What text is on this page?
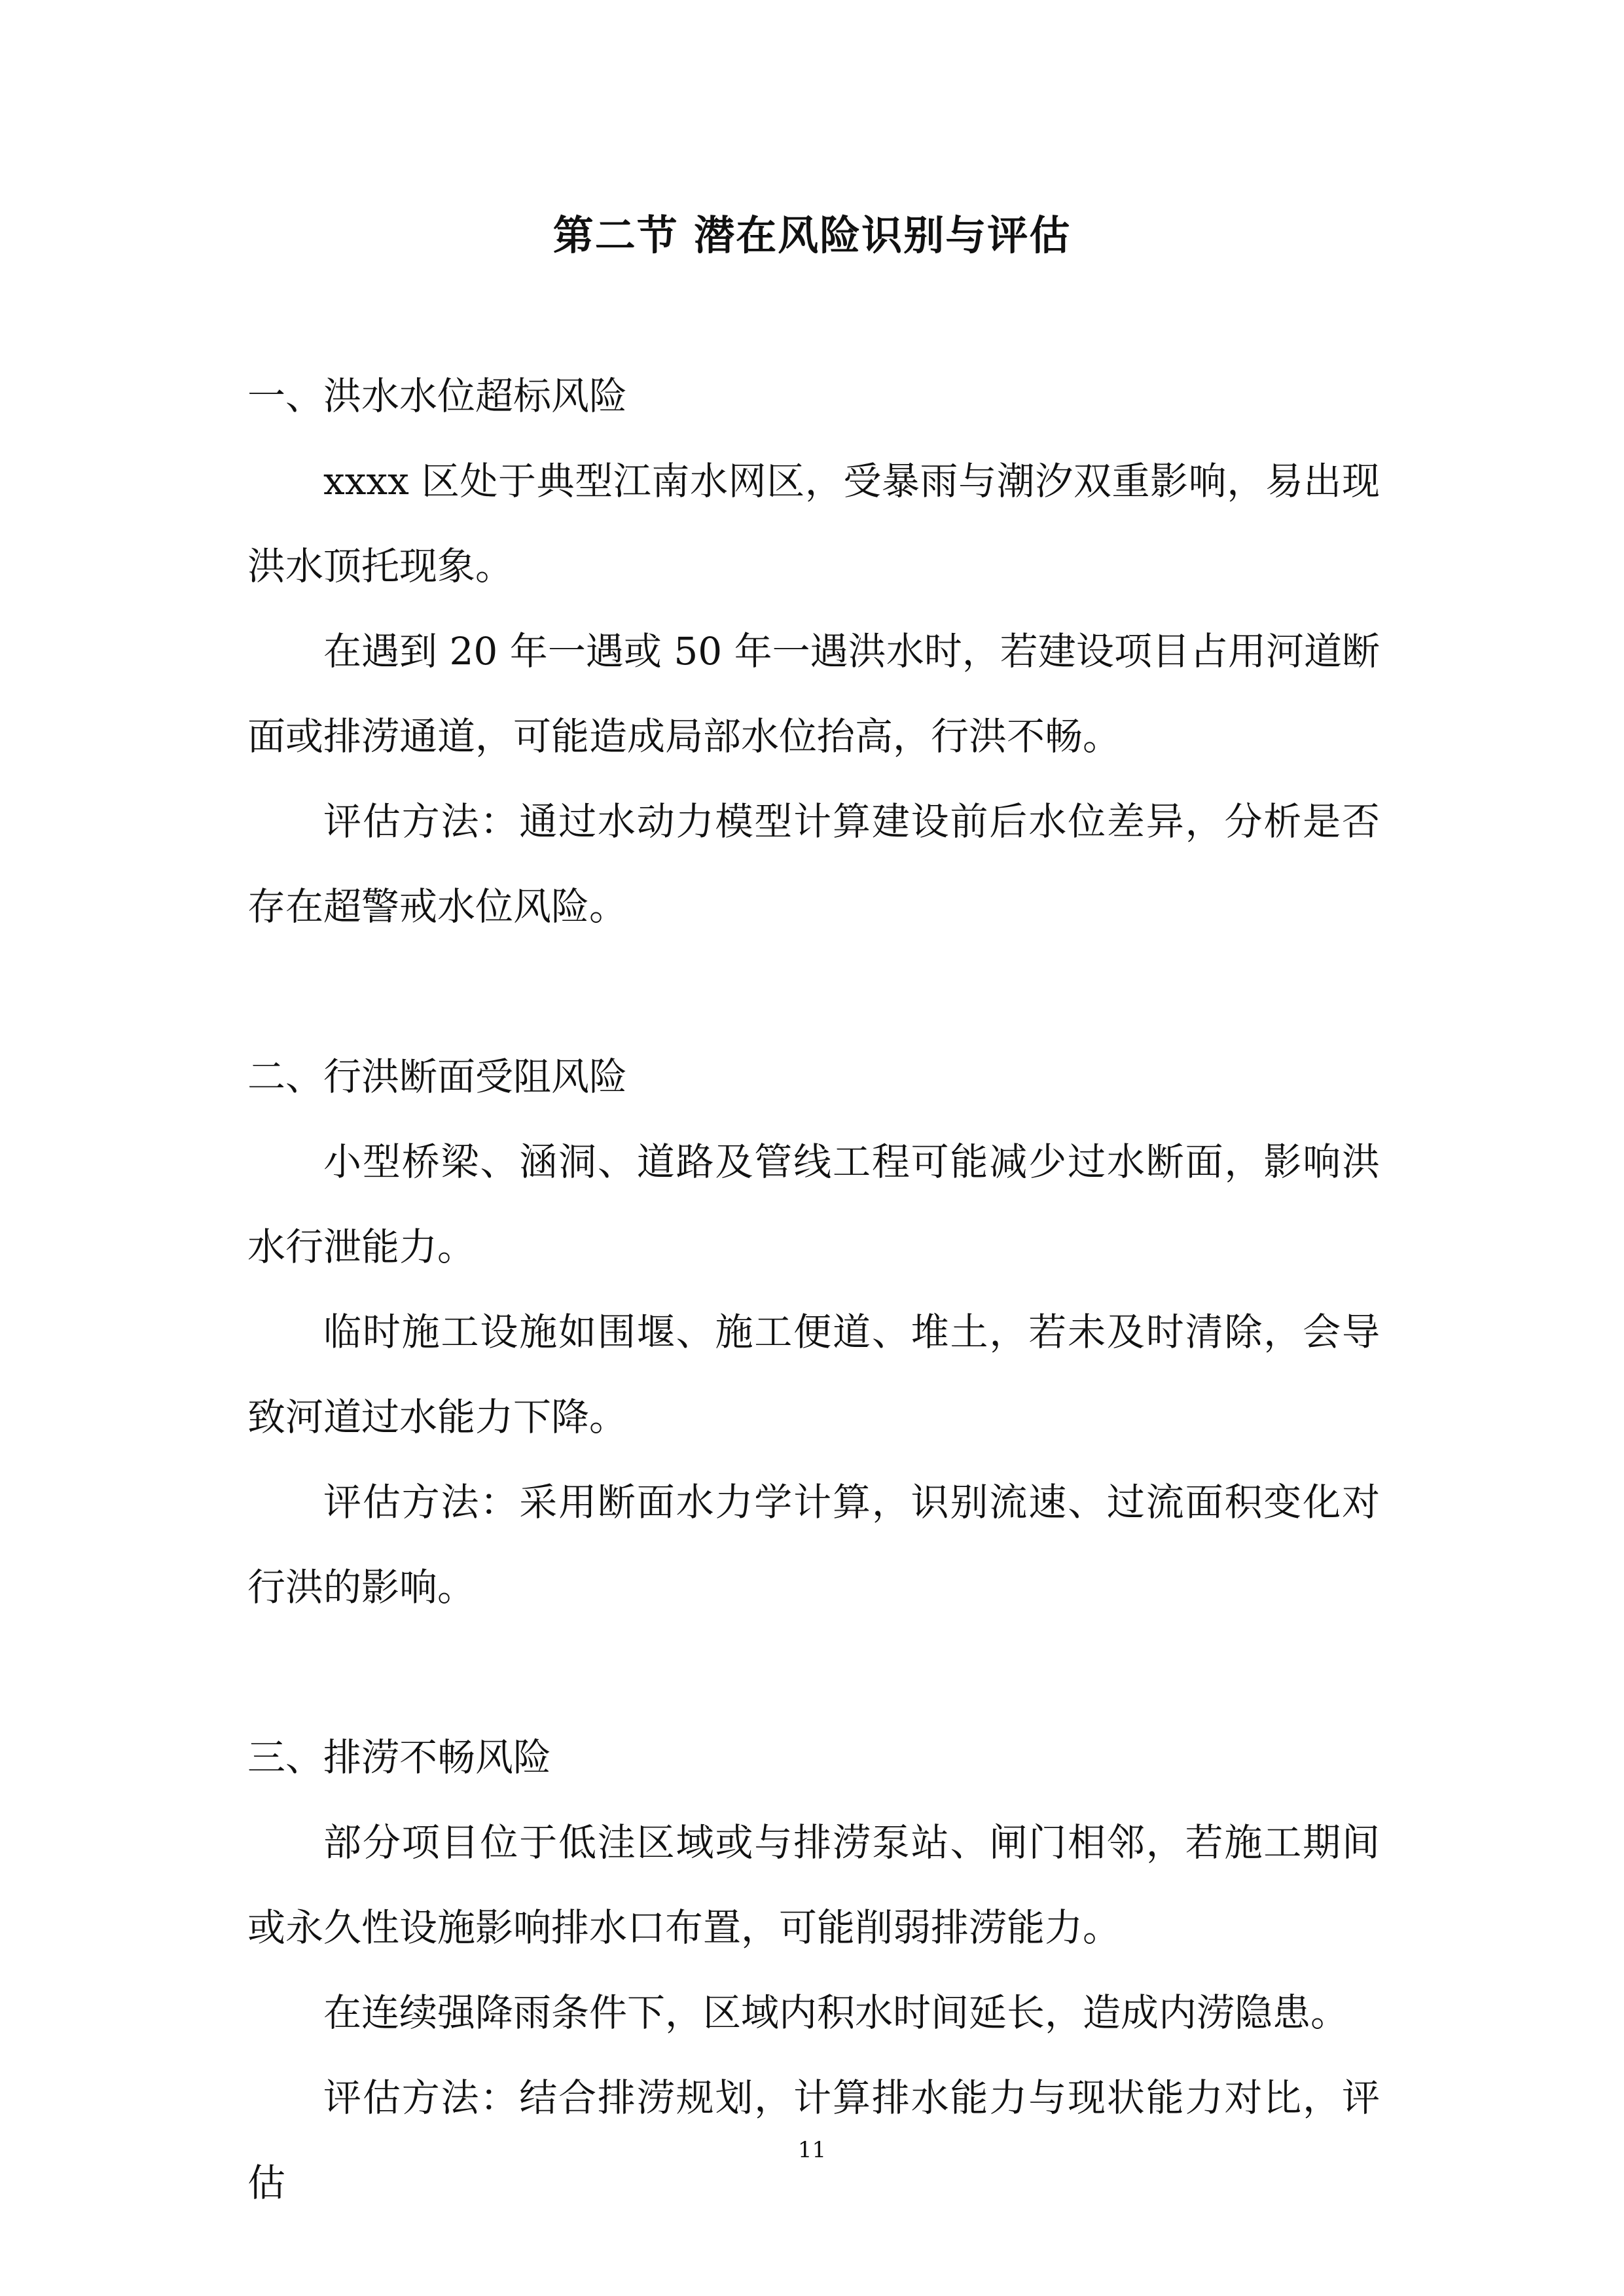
第二节 潜在风险识别与评估

一、洪水水位超标风险

xxxx 区处于典型江南水网区，受暴雨与潮汐双重影响，易出现洪水顶托现象。

在遇到 20 年一遇或 50 年一遇洪水时，若建设项目占用河道断面或排涝通道，可能造成局部水位抬高，行洪不畅。

评估方法：通过水动力模型计算建设前后水位差异，分析是否存在超警戒水位风险。

二、行洪断面受阻风险

小型桥梁、涵洞、道路及管线工程可能减少过水断面，影响洪水行泄能力。

临时施工设施如围堰、施工便道、堆土，若未及时清除，会导致河道过水能力下降。

评估方法：采用断面水力学计算，识别流速、过流面积变化对行洪的影响。

三、排涝不畅风险

部分项目位于低洼区域或与排涝泵站、闸门相邻，若施工期间或永久性设施影响排水口布置，可能削弱排涝能力。

在连续强降雨条件下，区域内积水时间延长，造成内涝隐患。

评估方法：结合排涝规划，计算排水能力与现状能力对比，评估

11
